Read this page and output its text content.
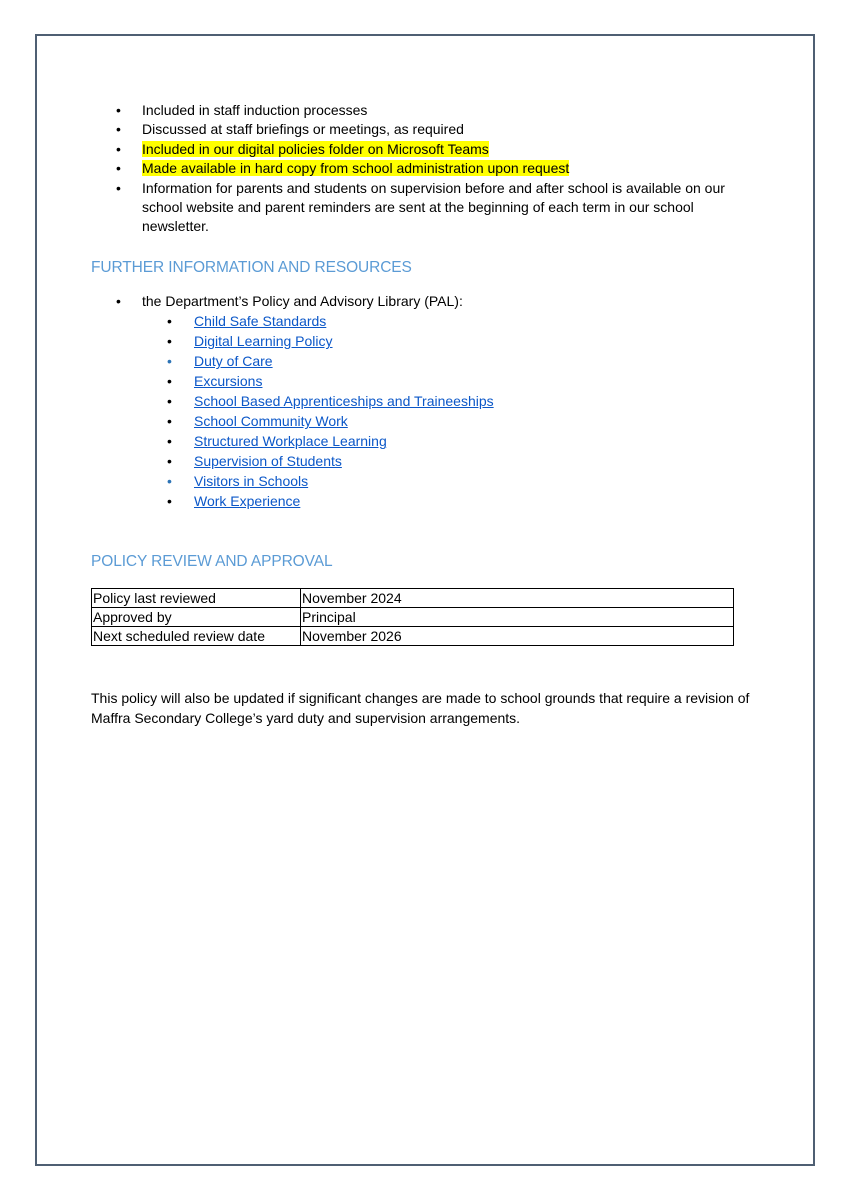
• Included in staff induction processes
• Discussed at staff briefings or meetings, as required
• Included in our digital policies folder on Microsoft Teams
• Made available in hard copy from school administration upon request
• Information for parents and students on supervision before and after school is available on our school website and parent reminders are sent at the beginning of each term in our school newsletter.
FURTHER INFORMATION AND RESOURCES
• the Department’s Policy and Advisory Library (PAL):
• Child Safe Standards
• Digital Learning Policy
• Duty of Care
• Excursions
• School Based Apprenticeships and Traineeships
• School Community Work
• Structured Workplace Learning
• Supervision of Students
• Visitors in Schools
• Work Experience
POLICY REVIEW AND APPROVAL
Policy last reviewed	November 2024
Approved by	Principal
Next scheduled review date	November 2026

This policy will also be updated if significant changes are made to school grounds that require a revision of Maffra Secondary College’s yard duty and supervision arrangements.
